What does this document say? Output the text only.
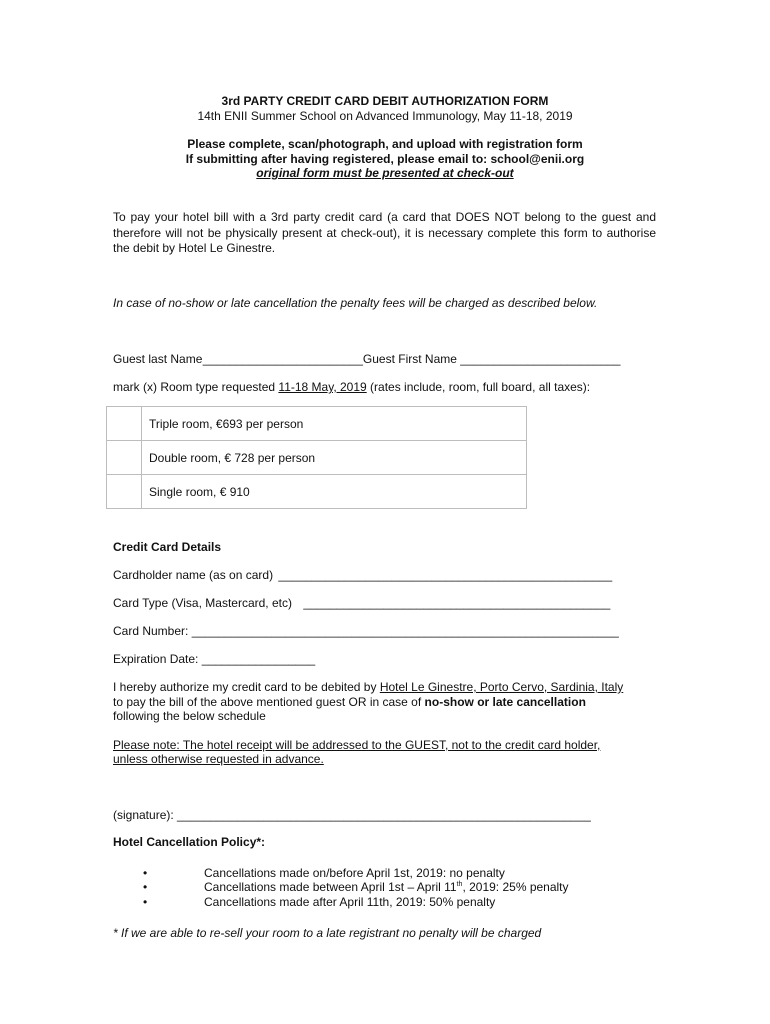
3rd PARTY CREDIT CARD DEBIT AUTHORIZATION FORM
14th ENII Summer School on Advanced Immunology, May 11-18, 2019
Please complete, scan/photograph, and upload with registration form
If submitting after having registered, please email to: school@enii.org
original form must be presented at check-out
To pay your hotel bill with a 3rd party credit card (a card that DOES NOT belong to the guest and therefore will not be physically present at check-out), it is necessary complete this form to authorise the debit by Hotel Le Ginestre.
In case of no-show or late cancellation the penalty fees will be charged as described below.
Guest last Name ________________________Guest First Name ________________________
mark (x) Room type requested 11-18 May, 2019 (rates include, room, full board, all taxes):
	Triple room, €693 per person
	Double room, € 728 per person
	Single room, € 910
Credit Card Details
Cardholder name (as on card) __________________________________________________
Card Type (Visa, Mastercard, etc) ______________________________________________
Card Number: ________________________________________________________________
Expiration Date: _________________
I hereby authorize my credit card to be debited by Hotel Le Ginestre, Porto Cervo, Sardinia, Italy
to pay the bill of the above mentioned guest OR in case of no-show or late cancellation
following the below schedule
Please note: The hotel receipt will be addressed to the GUEST, not to the credit card holder,
unless otherwise requested in advance.
(signature): ______________________________________________________________
Hotel Cancellation Policy*:
•	Cancellations made on/before April 1st, 2019: no penalty
•	Cancellations made between April 1st – April 11th, 2019: 25% penalty
•	Cancellations made after April 11th, 2019: 50% penalty
* If we are able to re-sell your room to a late registrant no penalty will be charged
